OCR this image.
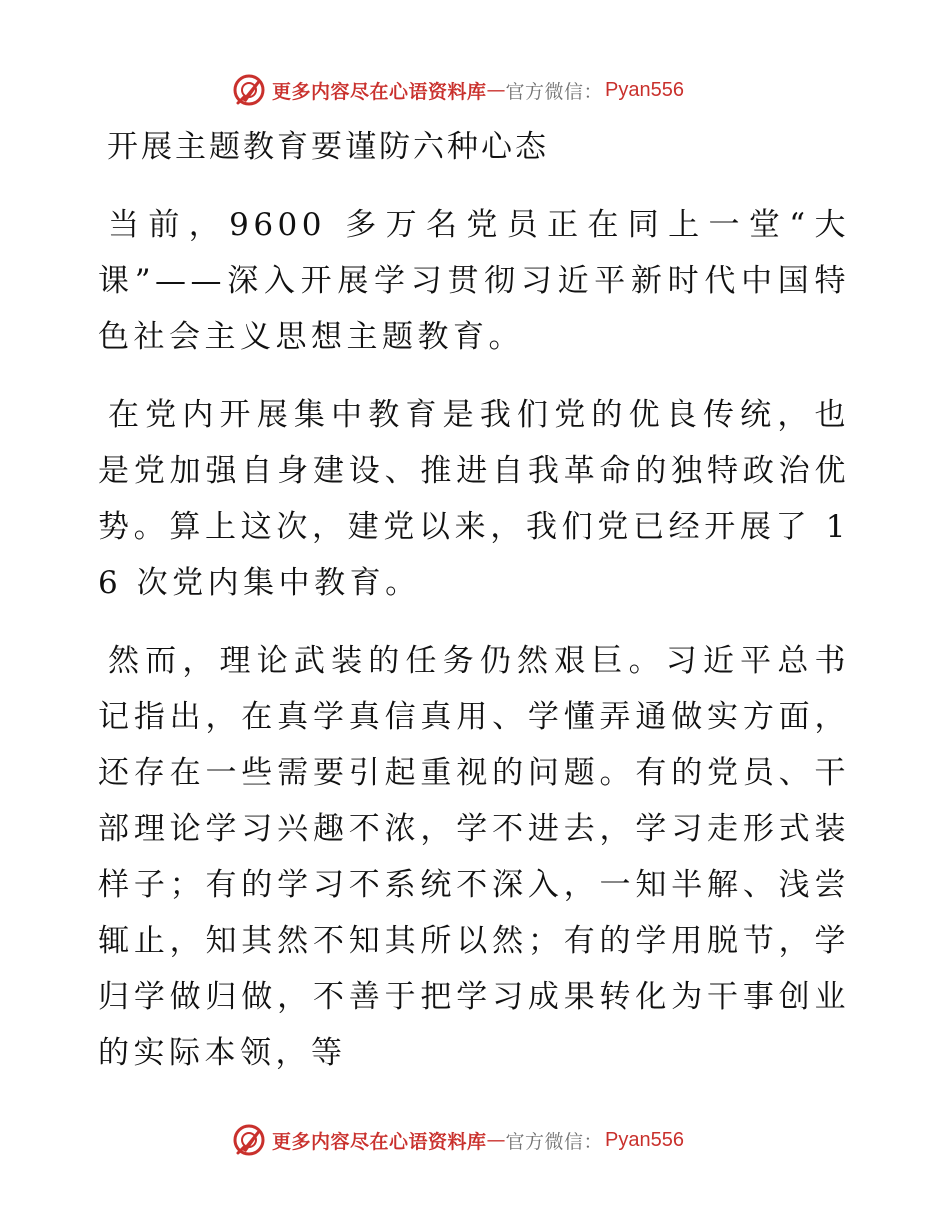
更多内容尽在心语资料库 — 官方微信： Pyan556
开展主题教育要谨防六种心态

当前，9600 多万名党员正在同上一堂“大课”——深入开展学习贯彻习近平新时代中国特色社会主义思想主题教育。

在党内开展集中教育是我们党的优良传统，也是党加强自身建设、推进自我革命的独特政治优势。算上这次，建党以来，我们党已经开展了 16 次党内集中教育。

然而，理论武装的任务仍然艰巨。习近平总书记指出，在真学真信真用、学懂弄通做实方面，还存在一些需要引起重视的问题。有的党员、干部理论学习兴趣不浓，学不进去，学习走形式装样子；有的学习不系统不深入，一知半解、浅尝辄止，知其然不知其所以然；有的学用脱节，学归学做归做，不善于把学习成果转化为干事创业的实际本领，等

更多内容尽在心语资料库 — 官方微信： Pyan556
